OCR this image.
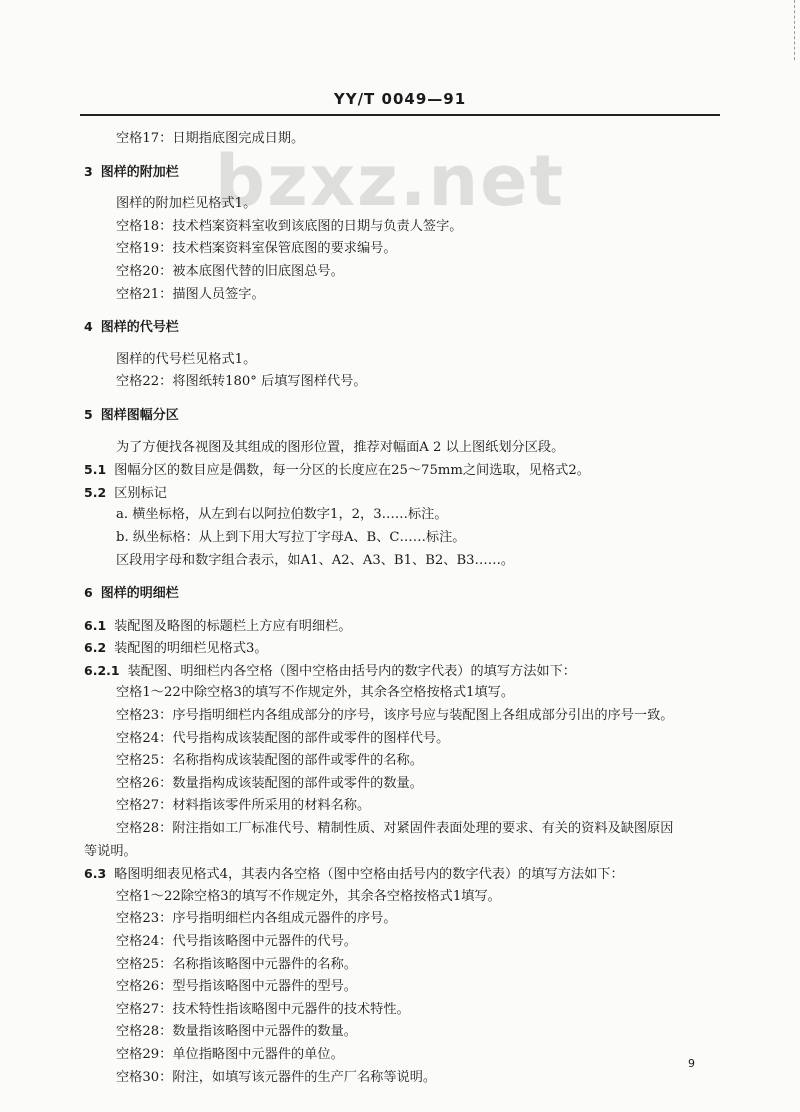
YY/T 0049—91
bzxz.net
空格17：日期指底图完成日期。
3 图样的附加栏
图样的附加栏见格式1。
空格18：技术档案资料室收到该底图的日期与负责人签字。
空格19：技术档案资料室保管底图的要求编号。
空格20：被本底图代替的旧底图总号。
空格21：描图人员签字。
4 图样的代号栏
图样的代号栏见格式1。
空格22：将图纸转180° 后填写图样代号。
5 图样图幅分区
为了方便找各视图及其组成的图形位置，推荐对幅面A 2 以上图纸划分区段。
5.1 图幅分区的数目应是偶数，每一分区的长度应在25～75mm之间选取，见格式2。
5.2 区别标记
a. 横坐标格，从左到右以阿拉伯数字1，2，3……标注。
b. 纵坐标格：从上到下用大写拉丁字母A、B、C……标注。
区段用字母和数字组合表示，如A1、A2、A3、B1、B2、B3……。
6 图样的明细栏
6.1 装配图及略图的标题栏上方应有明细栏。
6.2 装配图的明细栏见格式3。
6.2.1 装配图、明细栏内各空格（图中空格由括号内的数字代表）的填写方法如下：
空格1～22中除空格3的填写不作规定外，其余各空格按格式1填写。
空格23：序号指明细栏内各组成部分的序号，该序号应与装配图上各组成部分引出的序号一致。
空格24：代号指构成该装配图的部件或零件的图样代号。
空格25：名称指构成该装配图的部件或零件的名称。
空格26：数量指构成该装配图的部件或零件的数量。
空格27：材料指该零件所采用的材料名称。
空格28：附注指如工厂标准代号、精制性质、对紧固件表面处理的要求、有关的资料及缺图原因
等说明。
6.3 略图明细表见格式4，其表内各空格（图中空格由括号内的数字代表）的填写方法如下：
空格1～22除空格3的填写不作规定外，其余各空格按格式1填写。
空格23：序号指明细栏内各组成元器件的序号。
空格24：代号指该略图中元器件的代号。
空格25：名称指该略图中元器件的名称。
空格26：型号指该略图中元器件的型号。
空格27：技术特性指该略图中元器件的技术特性。
空格28：数量指该略图中元器件的数量。
空格29：单位指略图中元器件的单位。
空格30：附注，如填写该元器件的生产厂名称等说明。
9
